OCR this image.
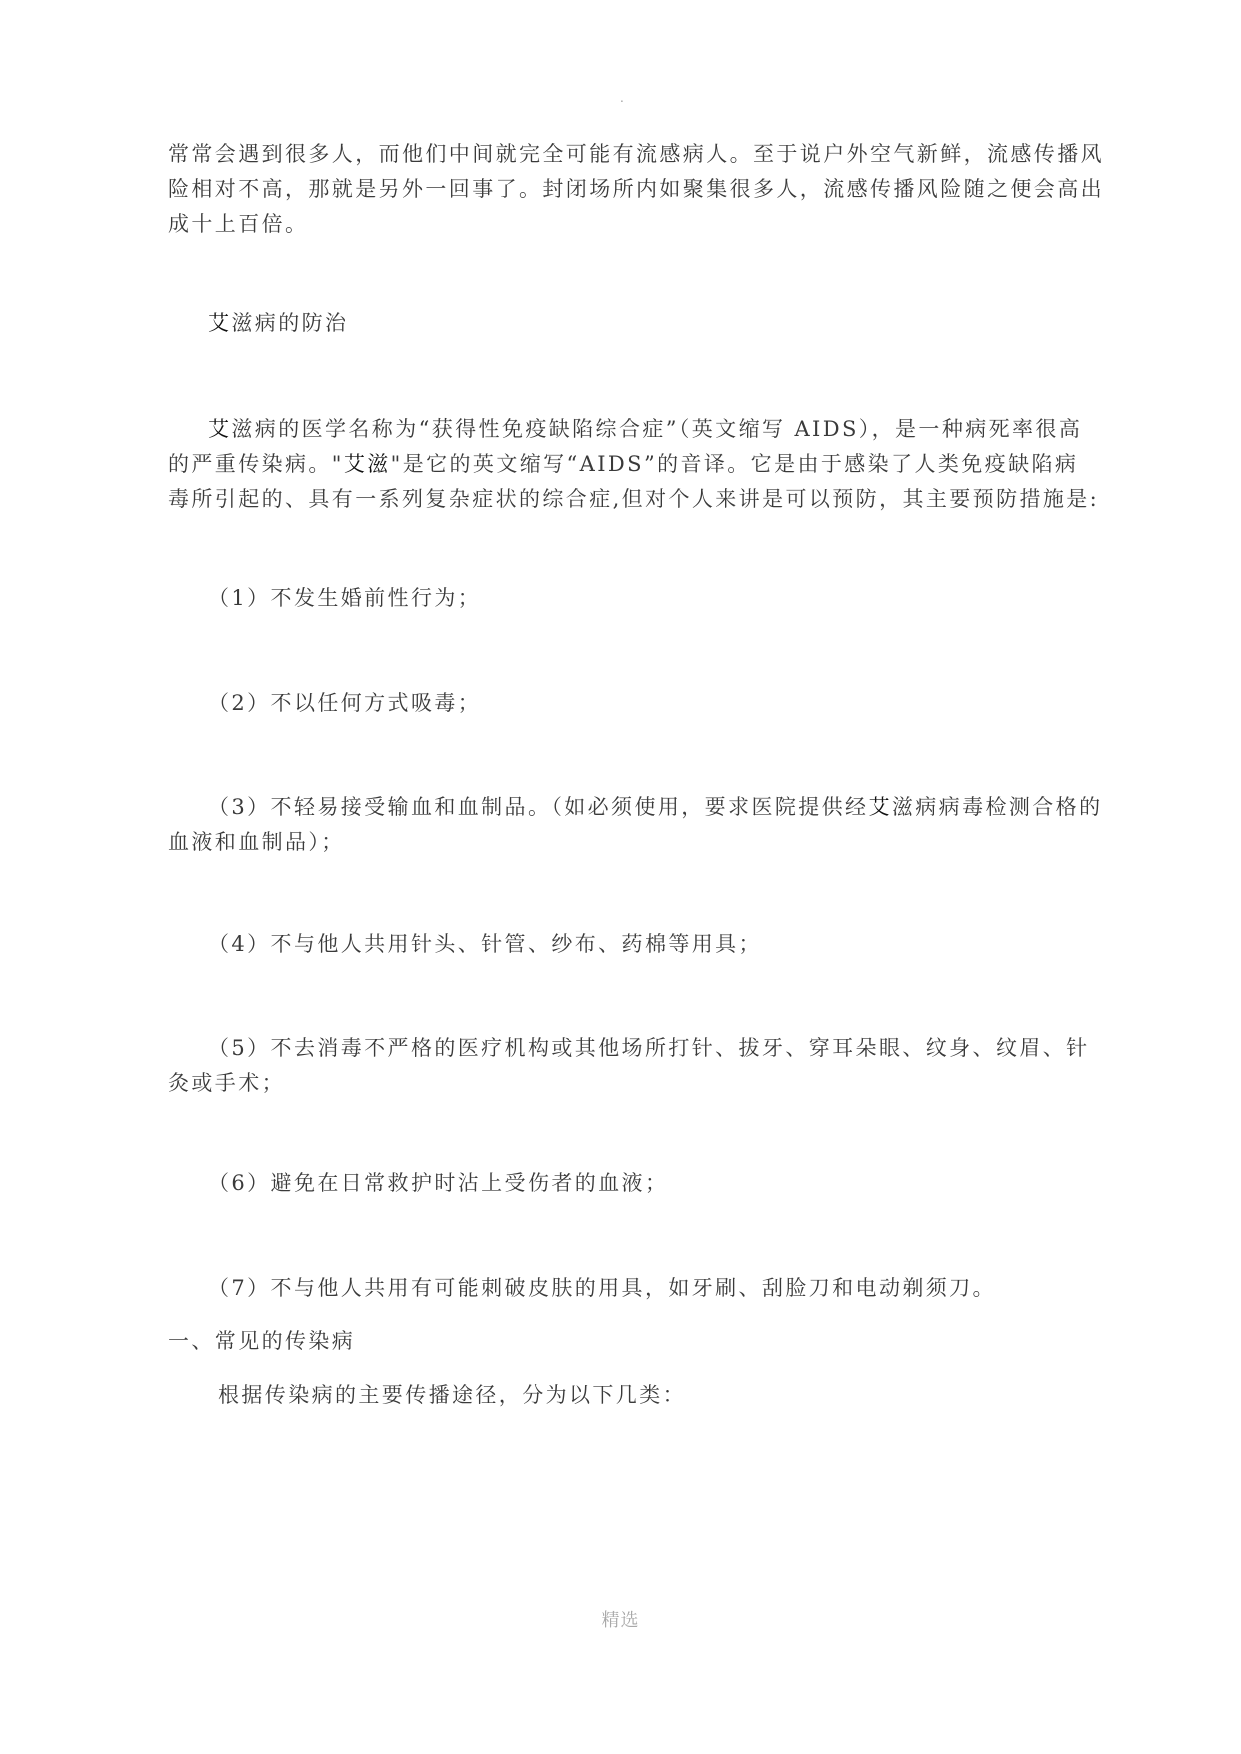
.

常常会遇到很多人，而他们中间就完全可能有流感病人。至于说户外空气新鲜，流感传播风
险相对不高，那就是另外一回事了。封闭场所内如聚集很多人，流感传播风险随之便会高出
成十上百倍。

艾滋病的防治

艾滋病的医学名称为“获得性免疫缺陷综合症”（英文缩写 AIDS），是一种病死率很高
的严重传染病。"艾滋"是它的英文缩写“AIDS”的音译。它是由于感染了人类免疫缺陷病
毒所引起的、具有一系列复杂症状的综合症,但对个人来讲是可以预防，其主要预防措施是:

（1）不发生婚前性行为；

（2）不以任何方式吸毒；

（3）不轻易接受输血和血制品。（如必须使用，要求医院提供经艾滋病病毒检测合格的
血液和血制品）；

（4）不与他人共用针头、针管、纱布、药棉等用具；

（5）不去消毒不严格的医疗机构或其他场所打针、拔牙、穿耳朵眼、纹身、纹眉、针
灸或手术；

（6）避免在日常救护时沾上受伤者的血液；

（7）不与他人共用有可能刺破皮肤的用具，如牙刷、刮脸刀和电动剃须刀。

一、常见的传染病

根据传染病的主要传播途径，分为以下几类：

精选
